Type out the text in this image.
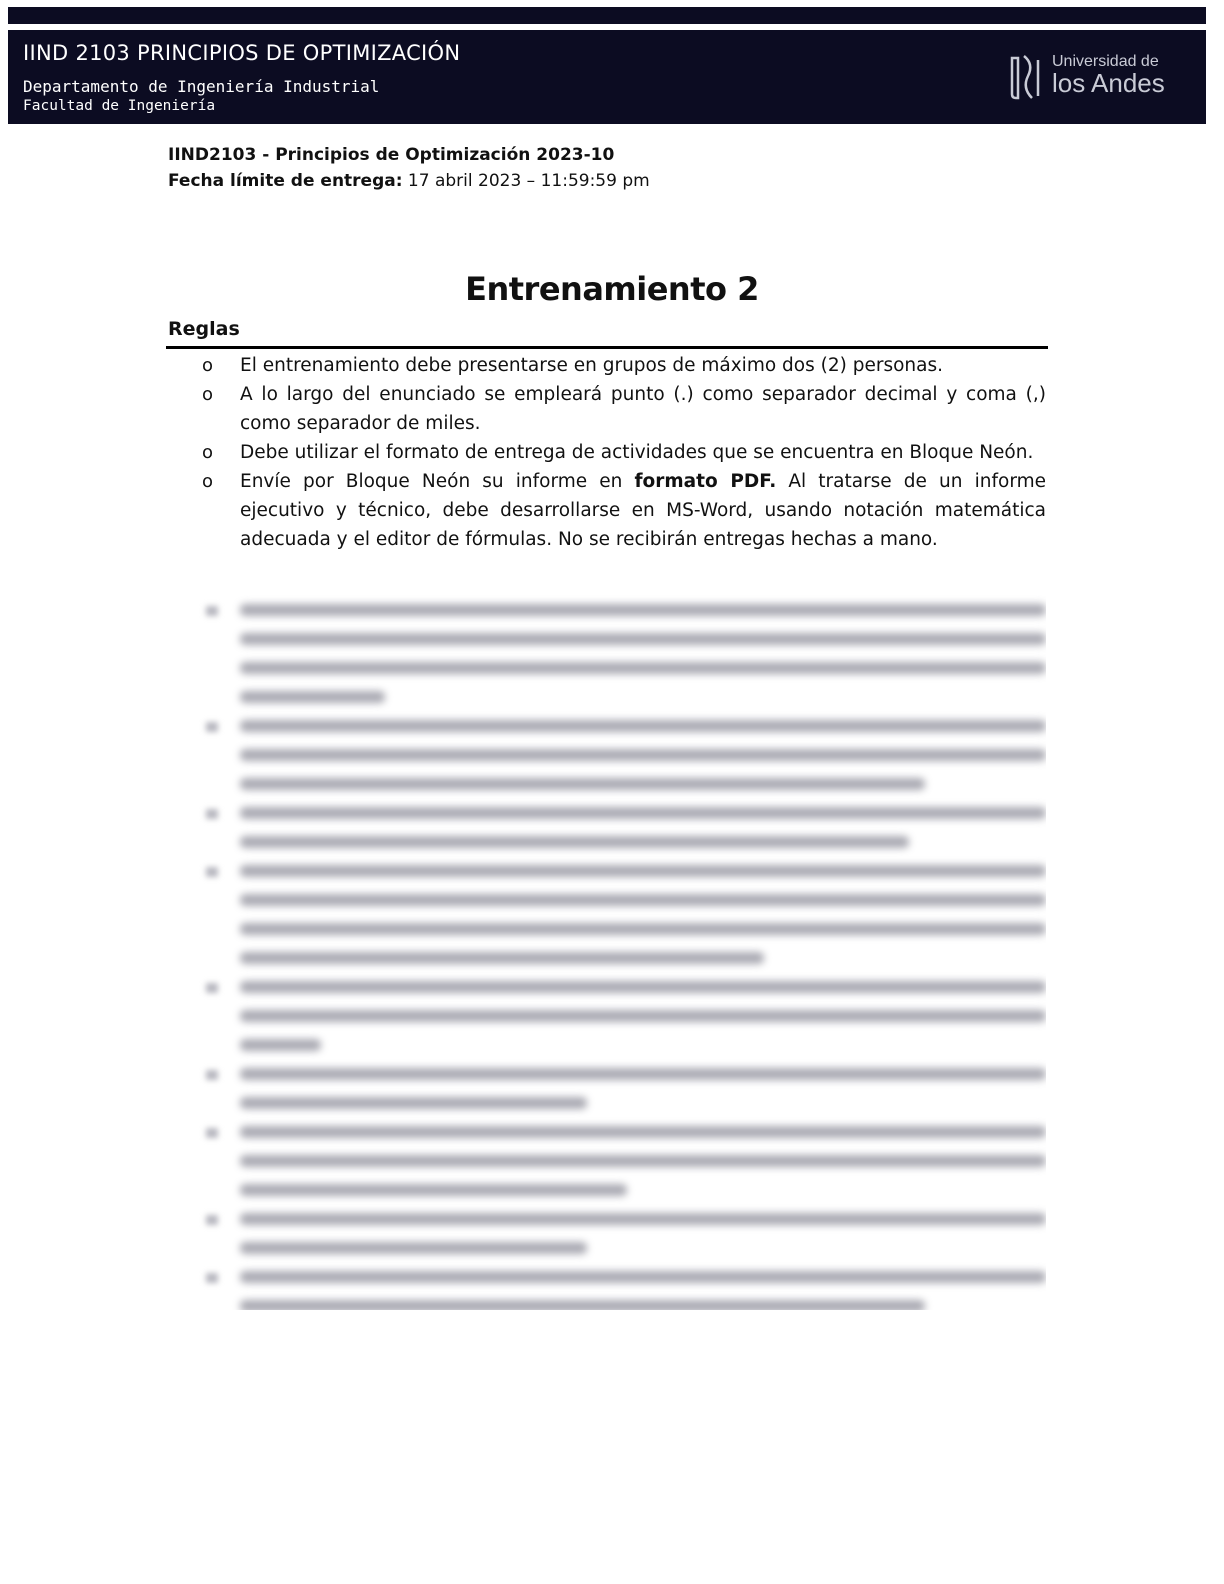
IIND 2103 PRINCIPIOS DE OPTIMIZACIÓN
Departamento de Ingeniería Industrial
Facultad de Ingeniería
Universidad de
los Andes
IIND2103 - Principios de Optimización 2023-10
Fecha límite de entrega: 17 abril 2023 – 11:59:59 pm
Entrenamiento 2
Reglas
o El entrenamiento debe presentarse en grupos de máximo dos (2) personas.
o A lo largo del enunciado se empleará punto (.) como separador decimal y coma (,) como separador de miles.
o Debe utilizar el formato de entrega de actividades que se encuentra en Bloque Neón.
o Envíe por Bloque Neón su informe en formato PDF. Al tratarse de un informe ejecutivo y técnico, debe desarrollarse en MS-Word, usando notación matemática adecuada y el editor de fórmulas. No se recibirán entregas hechas a mano.
